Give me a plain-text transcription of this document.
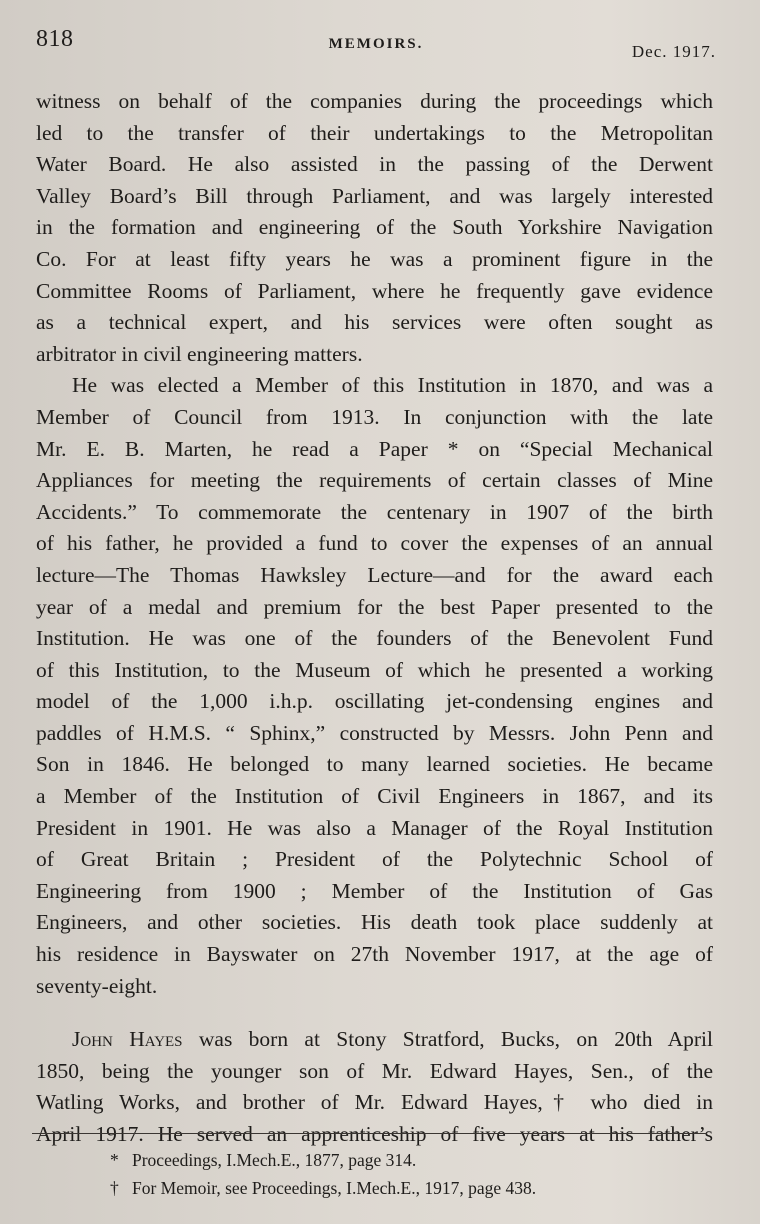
818	MEMOIRS.	Dec. 1917.
witness on behalf of the companies during the proceedings which
led to the transfer of their undertakings to the Metropolitan
Water Board. He also assisted in the passing of the Derwent
Valley Board’s Bill through Parliament, and was largely interested
in the formation and engineering of the South Yorkshire Navigation
Co. For at least fifty years he was a prominent figure in the
Committee Rooms of Parliament, where he frequently gave evidence
as a technical expert, and his services were often sought as
arbitrator in civil engineering matters.
He was elected a Member of this Institution in 1870, and was a
Member of Council from 1913. In conjunction with the late
Mr. E. B. Marten, he read a Paper * on “Special Mechanical
Appliances for meeting the requirements of certain classes of Mine
Accidents.” To commemorate the centenary in 1907 of the birth
of his father, he provided a fund to cover the expenses of an annual
lecture—The Thomas Hawksley Lecture—and for the award each
year of a medal and premium for the best Paper presented to the
Institution. He was one of the founders of the Benevolent Fund
of this Institution, to the Museum of which he presented a working
model of the 1,000 i.h.p. oscillating jet-condensing engines and
paddles of H.M.S. “ Sphinx,” constructed by Messrs. John Penn and
Son in 1846. He belonged to many learned societies. He became
a Member of the Institution of Civil Engineers in 1867, and its
President in 1901. He was also a Manager of the Royal Institution
of Great Britain ; President of the Polytechnic School of
Engineering from 1900 ; Member of the Institution of Gas
Engineers, and other societies. His death took place suddenly at
his residence in Bayswater on 27th November 1917, at the age of
seventy-eight.
John Hayes was born at Stony Stratford, Bucks, on 20th April
1850, being the younger son of Mr. Edward Hayes, Sen., of the
Watling Works, and brother of Mr. Edward Hayes,† who died in
April 1917. He served an apprenticeship of five years at his father’s
* Proceedings, I.Mech.E., 1877, page 314.
† For Memoir, see Proceedings, I.Mech.E., 1917, page 438.
